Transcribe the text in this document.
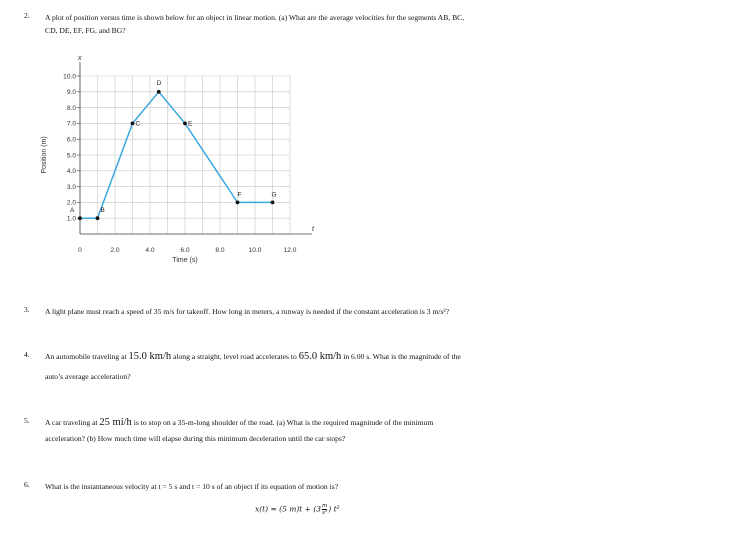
2. A plot of position versus time is shown below for an object in linear motion. (a) What are the average velocities for the segments AB, BC,
CD, DE, EF, FG, and BG?
1.0
2.0
3.0
4.0
5.0
6.0
7.0
8.0
9.0
10.0
0	2.0	4.0	6.0	8.0	10.0	12.0
A	B
C
D
E
F	G
Position (m)
Time (s)
x
t
3. A light plane must reach a speed of 35 m/s for takeoff. How long in meters, a runway is needed if the constant acceleration is 3 m/s²?
4. An automobile traveling at 15.0 km/h along a straight, level road accelerates to 65.0 km/h in 6.00 s. What is the magnitude of the
auto’s average acceleration?
5. A car traveling at 25 mi/h is to stop on a 35-m-long shoulder of the road. (a) What is the required magnitude of the minimum
acceleration? (b) How much time will elapse during this minimum deceleration until the car stops?
6. What is the instantaneous velocity at t = 5 s and t = 10 s of an object if its equation of motion is?
x(t) = (5 $m)t + (3 \frac{m}{\text{s²}}$ ) t²
